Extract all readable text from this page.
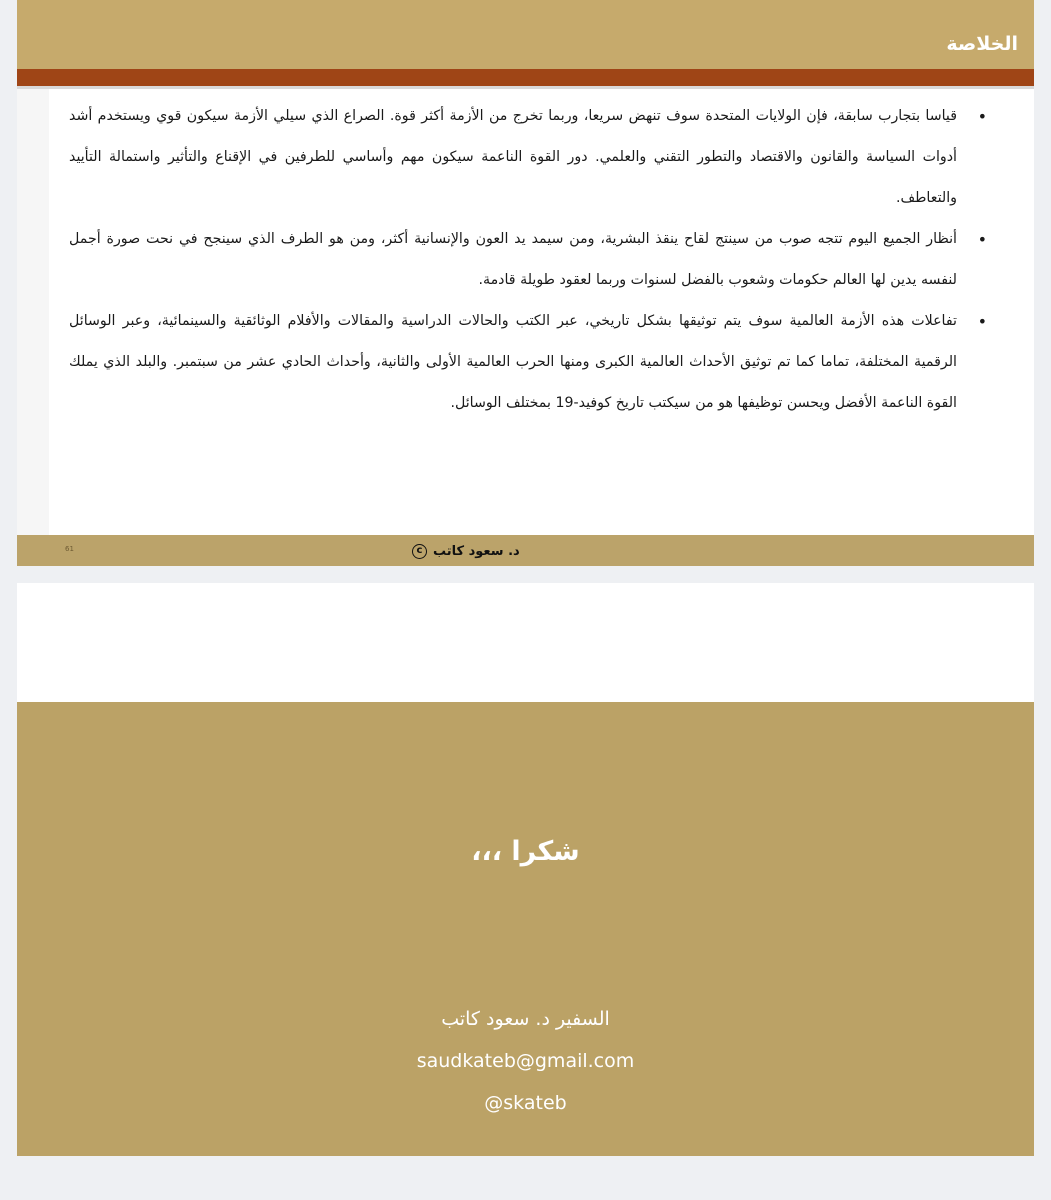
الخلاصة
•
قياسا بتجارب سابقة، فإن الولايات المتحدة سوف تنهض سريعا، وربما تخرج من الأزمة أكثر قوة. الصراع الذي سيلي الأزمة سيكون قوي ويستخدم أشد أدوات السياسة والقانون والاقتصاد والتطور التقني والعلمي. دور القوة الناعمة سيكون مهم وأساسي للطرفين في الإقناع والتأثير واستمالة التأييد والتعاطف.
•
أنظار الجميع اليوم تتجه صوب من سينتج لقاح ينقذ البشرية، ومن سيمد يد العون والإنسانية أكثر، ومن هو الطرف الذي سينجح في نحت صورة أجمل لنفسه يدين لها العالم حكومات وشعوب بالفضل لسنوات وربما لعقود طويلة قادمة.
•
تفاعلات هذه الأزمة العالمية سوف يتم توثيقها بشكل تاريخي، عبر الكتب والحالات الدراسية والمقالات والأفلام الوثائقية والسينمائية، وعبر الوسائل الرقمية المختلفة، تماما كما تم توثيق الأحداث العالمية الكبرى ومنها الحرب العالمية الأولى والثانية، وأحداث الحادي عشر من سبتمبر. والبلد الذي يملك القوة الناعمة الأفضل ويحسن توظيفها هو من سيكتب تاريخ كوفيد-19 بمختلف الوسائل.
61	د. سعود كاتب
c
شكرا ،،،
السفير د. سعود كاتب
saudkateb@gmail.com
@skateb
